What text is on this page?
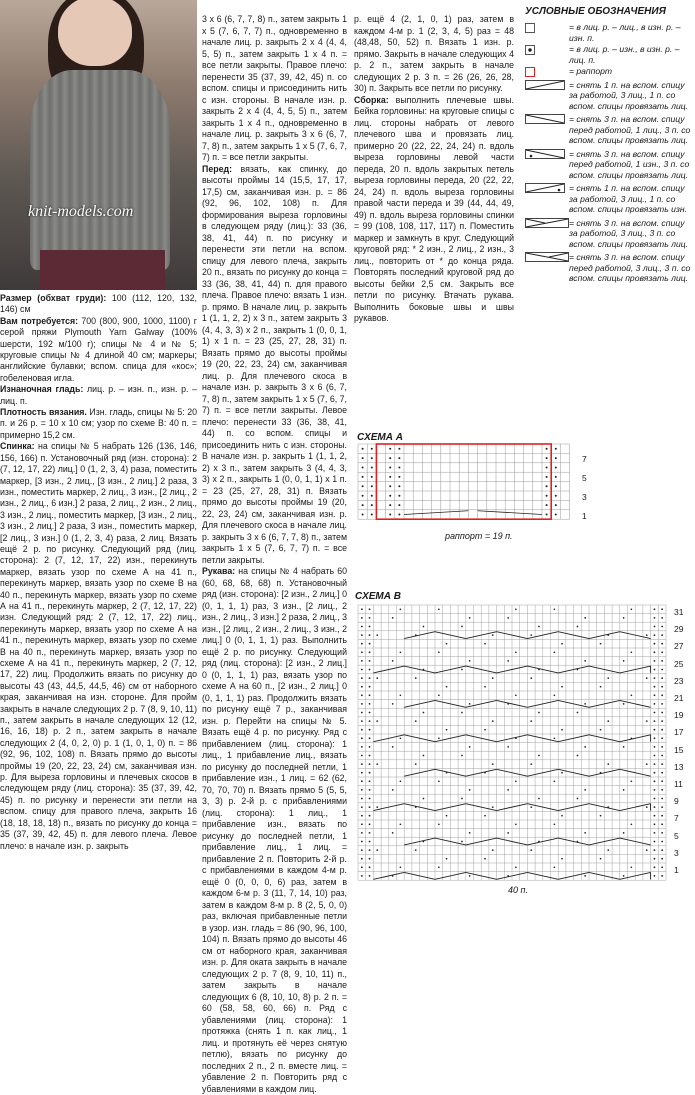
knit-models.com

Размер (обхват груди): 100 (112, 120, 132, 146) см

Вам потребуется: 700 (800, 900, 1000, 1100) г серой пряжи Plymouth Yarn Galway (100% шерсти, 192 м/100 г); спицы № 4 и № 5; круговые спицы № 4 длиной 40 см; маркеры; английские булавки; вспом. спица для «кос»; гобеленовая игла.

Изнаночная гладь: лиц. р. – изн. п., изн. р. – лиц. п.

Плотность вязания. Изн. гладь, спицы № 5: 20 п. и 26 р. = 10 х 10 см; узор по схеме В: 40 п. = примерно 15,2 см.

Спинка: на спицы № 5 набрать 126 (136, 146, 156, 166) п. Установочный ряд (изн. сторона): 2 (7, 12, 17, 22) лиц.] 0 (1, 2, 3, 4) раза, поместить маркер, [3 изн., 2 лиц., [3 изн., 2 лиц.] 2 раза, 3 изн., поместить маркер, 2 лиц., 3 изн., [2 лиц., 2 изн., 2 лиц., 6 изн.] 2 раза, 2 лиц., 2 изн., 2 лиц., 3 изн., 2 лиц., поместить маркер, [3 изн., 2 лиц., 3 изн., 2 лиц.] 2 раза, 3 изн., поместить маркер, [2 лиц., 3 изн.] 0 (1, 2, 3, 4) раза, 2 лиц. Вязать ещё 2 р. по рисунку. Следующий ряд (лиц. сторона): 2 (7, 12, 17, 22) изн., перекинуть маркер, вязать узор по схеме А на 41 п., перекинуть маркер, вязать узор по схеме В на 40 п., перекинуть маркер, вязать узор по схеме А на 41 п., перекинуть маркер, 2 (7, 12, 17, 22) изн. Следующий ряд: 2 (7, 12, 17, 22) лиц., перекинуть маркер, вязать узор по схеме А на 41 п., перекинуть маркер, вязать узор по схеме В на 40 п., перекинуть маркер, вязать узор по схеме А на 41 п., перекинуть маркер, 2 (7, 12, 17, 22) лиц. Продолжить вязать по рисунку до высоты 43 (43, 44,5, 44,5, 46) см от наборного края, заканчивая на изн. стороне. Для пройм закрыть в начале следующих 2 р. 7 (8, 9, 10, 11) п., затем закрыть в начале следующих 12 (12, 16, 16, 18) р. 2 п., затем закрыть в начале следующих 2 (4, 0, 2, 0) р. 1 (1, 0, 1, 0) п. = 86 (92, 96, 102, 108) п. Вязать прямо до высоты проймы 19 (20, 22, 23, 24) см, заканчивая изн. р. Для выреза горловины и плечевых скосов в следующем ряду (лиц. сторона): 35 (37, 39, 42, 45) п. по рисунку и перенести эти петли на вспом. спицу для правого плеча, закрыть 16 (18, 18, 18, 18) п., вязать по рисунку до конца = 35 (37, 39, 42, 45) п. для левого плеча. Левое плечо: в начале изн. р. закрыть

3 х 6 (6, 7, 7, 8) п., затем закрыть 1 х 5 (7, 6, 7, 7) п., одновременно в начале лиц. р. закрыть 2 х 4 (4, 4, 5, 5) п., затем закрыть 1 х 4 п. = все петли закрыты. Правое плечо: перенести 35 (37, 39, 42, 45) п. со вспом. спицы и присоединить нить с изн. стороны. В начале изн. р. закрыть 2 х 4 (4, 4, 5, 5) п., затем закрыть 1 х 4 п., одновременно в начале лиц. р. закрыть 3 х 6 (6, 7, 7, 8) п., затем закрыть 1 х 5 (7, 6, 7, 7) п. = все петли закрыты.

Перед: вязать, как спинку, до высоты проймы 14 (15,5, 17, 17, 17,5) см, заканчивая изн. р. = 86 (92, 96, 102, 108) п. Для формирования выреза горловины в следующем ряду (лиц.): 33 (36, 38, 41, 44) п. по рисунку и перенести эти петли на вспом. спицу для левого плеча, закрыть 20 п., вязать по рисунку до конца = 33 (36, 38, 41, 44) п. для правого плеча. Правое плечо: вязать 1 изн. р. прямо. В начале лиц. р. закрыть 1 (1, 1, 2, 2) x 3 п., затем закрыть 3 (4, 4, 3, 3) x 2 п., закрыть 1 (0, 0, 1, 1) x 1 п. = 23 (25, 27, 28, 31) п. Вязать прямо до высоты проймы 19 (20, 22, 23, 24) см, заканчивая лиц. р. Для плечевого скоса в начале изн. р. закрыть 3 х 6 (6, 7, 7, 8) п., затем закрыть 1 х 5 (7, 6, 7, 7) п. = все петли закрыты. Левое плечо: перенести 33 (36, 38, 41, 44) п. со вспом. спицы и присоединить нить с изн. стороны. В начале изн. р. закрыть 1 (1, 1, 2, 2) x 3 п., затем закрыть 3 (4, 4, 3, 3) x 2 п., закрыть 1 (0, 0, 1, 1) x 1 п. = 23 (25, 27, 28, 31) п. Вязать прямо до высоты проймы 19 (20, 22, 23, 24) см, заканчивая изн. р. Для плечевого скоса в начале лиц. р. закрыть 3 х 6 (6, 7, 7, 8) п., затем закрыть 1 х 5 (7, 6, 7, 7) п. = все петли закрыты.

Рукава: на спицы № 4 набрать 60 (60, 68, 68, 68) п. Установочный ряд (изн. сторона): [2 изн., 2 лиц.] 0 (0, 1, 1, 1) раз, 3 изн., [2 лиц., 2 изн., 2 лиц., 3 изн.] 2 раза, 2 лиц., 3 изн., [2 лиц., 2 изн., 2 лиц., 3 изн., 2 лиц.] 0 (0, 1, 1, 1) раз. Выполнить ещё 2 р. по рисунку. Следующий ряд (лиц. сторона): [2 изн., 2 лиц.] 0 (0, 1, 1, 1) раз, вязать узор по схеме А на 60 п., [2 изн., 2 лиц.] 0 (0, 1, 1, 1) раз. Продолжить вязать по рисунку ещё 7 р., заканчивая изн. р. Перейти на спицы № 5. Вязать ещё 4 р. по рисунку. Ряд с прибавлением (лиц. сторона): 1 лиц., 1 прибавление лиц., вязать по рисунку до последней петли, 1 прибавление изн., 1 лиц. = 62 (62, 70, 70, 70) п. Вязать прямо 5 (5, 5, 3, 3) р. 2-й р. с прибавлениями (лиц. сторона): 1 лиц., 1 прибавление изн., вязать по рисунку до последней петли, 1 прибавление лиц., 1 лиц. = прибавление 2 п. Повторить 2-й р. с прибавлениями в каждом 4-м р. ещё 0 (0, 0, 0, 6) раз, затем в каждом 6-м р. 3 (11, 7, 14, 10) раз, затем в каждом 8-м р. 8 (2, 5, 0, 0) раз, включая прибавленные петли в узор. изн. гладь = 86 (90, 96, 100, 104) п. Вязать прямо до высоты 46 см от наборного края, заканчивая изн. р. Для оката закрыть в начале следующих 2 р. 7 (8, 9, 10, 11) п., затем закрыть в начале следующих 6 (8, 10, 10, 8) р. 2 п. = 60 (58, 58, 60, 66) п. Ряд с убавлениями (лиц. сторона): 1 протяжка (снять 1 п. как лиц., 1 лиц. и протянуть её через снятую петлю), вязать по рисунку до последних 2 п., 2 п. вместе лиц. = убавление 2 п. Повторить ряд с убавлениями в каждом лиц.

р. ещё 4 (2, 1, 0, 1) раз, затем в каждом 4-м р. 1 (2, 3, 4, 5) раз = 48 (48,48, 50, 52) п. Вязать 1 изн. р. прямо. Закрыть в начале следующих 4 р. 2 п., затем закрыть в начале следующих 2 р. 3 п. = 26 (26, 26, 28, 30) п. Закрыть все петли по рисунку.

Сборка: выполнить плечевые швы. Бейка горловины: на круговые спицы с лиц. стороны набрать от левого плечевого шва и провязать лиц. примерно 20 (22, 22, 24, 24) п. вдоль выреза горловины левой части переда, 20 п. вдоль закрытых петель выреза горловины переда, 20 (22, 22, 24, 24) п. вдоль выреза горловины правой части переда и 39 (44, 44, 49, 49) п. вдоль выреза горловины спинки = 99 (108, 108, 117, 117) п. Поместить маркер и замкнуть в круг. Следующий круговой ряд: * 2 изн., 2 лиц., 2 изн., 3 лиц., повторить от * до конца ряда. Повторять последний круговой ряд до высоты бейки 2,5 см. Закрыть все петли по рисунку. Втачать рукава. Выполнить боковые швы и швы рукавов.

УСЛОВНЫЕ ОБОЗНАЧЕНИЯ
= в лиц. р. – лиц., в изн. р. – изн. п.
= в лиц. р. – изн., в изн. р. – лиц. п.
= раппорт
= снять 1 п. на вспом. спицу за работой, 3 лиц., 1 п. со вспом. спицы провязать лиц.
= снять 3 п. на вспом. спицу перед работой, 1 лиц., 3 п. со вспом. спицы провязать лиц.
= снять 3 п. на вспом. спицу перед работой, 1 изн., 3 п. со вспом. спицы провязать лиц.
= снять 1 п. на вспом. спицу за работой, 3 лиц., 1 п. со вспом. спицы провязать изн.
= снять 3 п. на вспом. спицу за работой, 3 лиц., 3 п. со вспом. спицы провязать лиц.
= снять 3 п. на вспом. спицу перед работой, 3 лиц., 3 п. со вспом. спицы провязать лиц.
СХЕМА А
раппорт = 19 п.
7
5
3
1
СХЕМА В
40 п.
31
29
27
25
23
21
19
17
15
13
11
9
7
5
3
1
